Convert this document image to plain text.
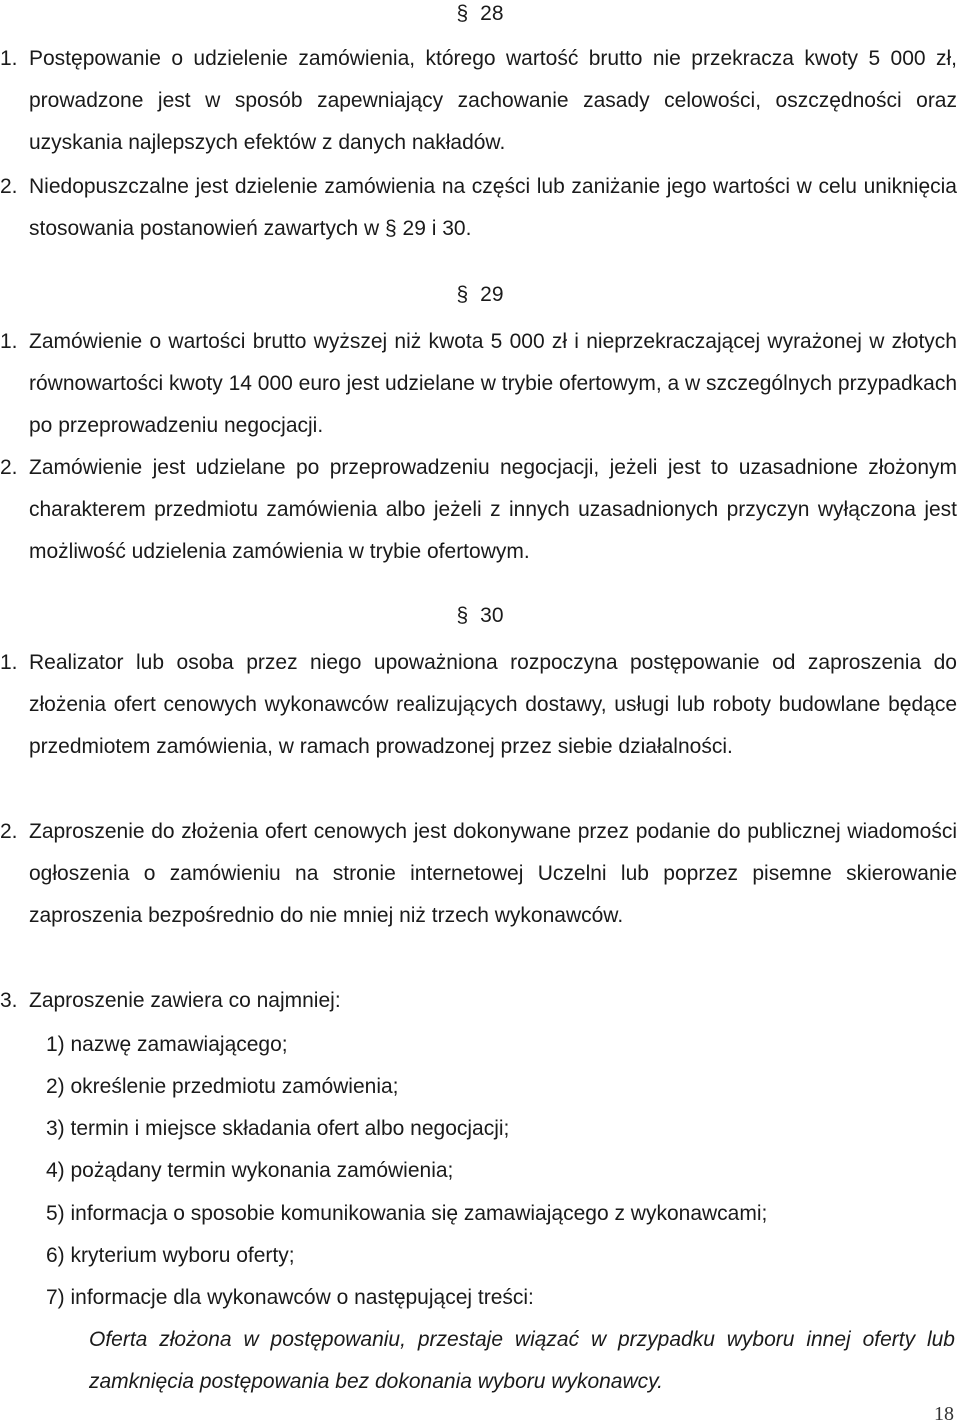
§ 28
1. Postępowanie o udzielenie zamówienia, którego wartość brutto nie przekracza kwoty 5 000 zł, prowadzone jest w sposób zapewniający zachowanie zasady celowości, oszczędności oraz uzyskania najlepszych efektów z danych nakładów.

2. Niedopuszczalne jest dzielenie zamówienia na części lub zaniżanie jego wartości w celu uniknięcia stosowania postanowień zawartych w § 29 i 30.

§ 29
1. Zamówienie o wartości brutto wyższej niż kwota 5 000 zł i nieprzekraczającej wyrażonej w złotych równowartości kwoty 14 000 euro jest udzielane w trybie ofertowym, a w szczególnych przypadkach po przeprowadzeniu negocjacji.

2. Zamówienie jest udzielane po przeprowadzeniu negocjacji, jeżeli jest to uzasadnione złożonym charakterem przedmiotu zamówienia albo jeżeli z innych uzasadnionych przyczyn wyłączona jest możliwość udzielenia zamówienia w trybie ofertowym.

§ 30
1. Realizator lub osoba przez niego upoważniona rozpoczyna postępowanie od zaproszenia do złożenia ofert cenowych wykonawców realizujących dostawy, usługi lub roboty budowlane będące przedmiotem zamówienia, w ramach prowadzonej przez siebie działalności.

2. Zaproszenie do złożenia ofert cenowych jest dokonywane przez podanie do publicznej wiadomości ogłoszenia o zamówieniu na stronie internetowej Uczelni lub poprzez pisemne skierowanie zaproszenia bezpośrednio do nie mniej niż trzech wykonawców.

3. Zaproszenie zawiera co najmniej:

1) nazwę zamawiającego;
2) określenie przedmiotu zamówienia;
3) termin i miejsce składania ofert albo negocjacji;
4) pożądany termin wykonania zamówienia;
5) informacja o sposobie komunikowania się zamawiającego z wykonawcami;
6) kryterium wyboru oferty;
7) informacje dla wykonawców o następującej treści:

Oferta złożona w postępowaniu, przestaje wiązać w przypadku wyboru innej oferty lub zamknięcia postępowania bez dokonania wyboru wykonawcy.

18
